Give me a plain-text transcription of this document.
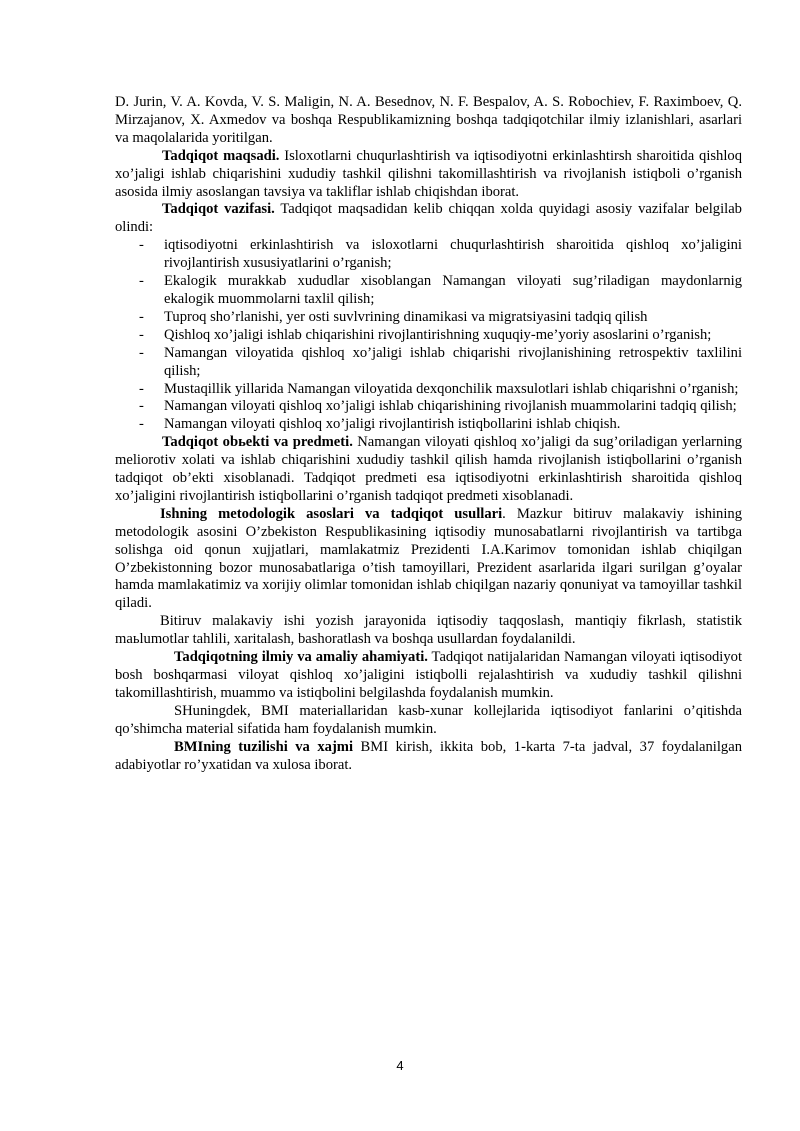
D. Jurin, V. A. Kovda, V. S. Maligin, N. A. Besednov, N. F. Bespalov, A. S. Robochiev, F. Raximboev, Q. Mirzajanov, X. Axmedov va boshqa Respublikamizning boshqa tadqiqotchilar ilmiy izlanishlari, asarlari va maqolalarida yoritilgan.

Tadqiqot maqsadi. Isloxotlarni chuqurlashtirish va iqtisodiyotni erkinlashtirsh sharoitida qishloq xo’jaligi ishlab chiqarishini xududiy tashkil qilishni takomillashtirish va rivojlanish istiqboli o’rganish asosida ilmiy asoslangan tavsiya va takliflar ishlab chiqishdan iborat.

Tadqiqot vazifasi. Tadqiqot maqsadidan kelib chiqqan xolda quyidagi asosiy vazifalar belgilab olindi:

- iqtisodiyotni erkinlashtirish va isloxotlarni chuqurlashtirish sharoitida qishloq xo’jaligini rivojlantirish xususiyatlarini o’rganish;
- Ekalogik murakkab xududlar xisoblangan Namangan viloyati sug’riladigan maydonlarnig ekalogik muommolarni taxlil qilish;
- Tuproq sho’rlanishi, yer osti suvlvrining dinamikasi va migratsiyasini tadqiq qilish
- Qishloq xo’jaligi ishlab chiqarishini rivojlantirishning xuquqiy-me’yoriy asoslarini o’rganish;
- Namangan viloyatida qishloq xo’jaligi ishlab chiqarishi rivojlanishining retrospektiv taxlilini qilish;
- Mustaqillik yillarida Namangan viloyatida dexqonchilik maxsulotlari ishlab chiqarishni o’rganish;
- Namangan viloyati qishloq xo’jaligi ishlab chiqarishining rivojlanish muammolarini tadqiq qilish;
- Namangan viloyati qishloq xo’jaligi rivojlantirish istiqbollarini ishlab chiqish.

Tadqiqot obьekti va predmeti. Namangan viloyati qishloq xo’jaligi da sug’oriladigan yerlarning meliorotiv xolati va ishlab chiqarishini xududiy tashkil qilish hamda rivojlanish istiqbollarini o’rganish tadqiqot ob’ekti xisoblanadi. Tadqiqot predmeti esa iqtisodiyotni erkinlashtirish sharoitida qishloq xo’jaligini rivojlantirish istiqbollarini o’rganish tadqiqot predmeti xisoblanadi.

Ishning metodologik asoslari va tadqiqot usullari. Mazkur bitiruv malakaviy ishining metodologik asosini O’zbekiston Respublikasining iqtisodiy munosabatlarni rivojlantirish va tartibga solishga oid qonun xujjatlari, mamlakatmiz Prezidenti I.A.Karimov tomonidan ishlab chiqilgan O’zbekistonning bozor munosabatlariga o’tish tamoyillari, Prezident asarlarida ilgari surilgan g’oyalar hamda mamlakatimiz va xorijiy olimlar tomonidan ishlab chiqilgan nazariy qonuniyat va tamoyillar tashkil qiladi.

Bitiruv malakaviy ishi yozish jarayonida iqtisodiy taqqoslash, mantiqiy fikrlash, statistik maьlumotlar tahlili, xaritalash, bashoratlash va boshqa usullardan foydalanildi.

Tadqiqotning ilmiy va amaliy ahamiyati. Tadqiqot natijalaridan Namangan viloyati iqtisodiyot bosh boshqarmasi viloyat qishloq xo’jaligini istiqbolli rejalashtirish va xududiy tashkil qilishni takomillashtirish, muammo va istiqbolini belgilashda foydalanish mumkin.

SHuningdek, BMI materiallaridan kasb-xunar kollejlarida iqtisodiyot fanlarini o’qitishda qo’shimcha material sifatida ham foydalanish mumkin.

BMIning tuzilishi va xajmi BMI kirish, ikkita bob, 1-karta 7-ta jadval, 37 foydalanilgan adabiyotlar ro’yxatidan va xulosa iborat.

4
